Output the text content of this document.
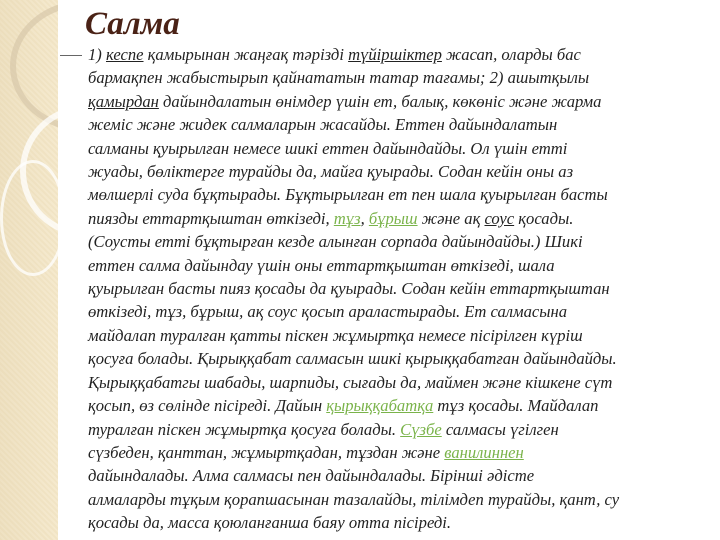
Салма
1) кеспе қамырынан жаңғақ тәрізді түйіршіктер жасап, оларды бас
бармақпен жабыстырып қайнататын татар тағамы; 2) ашытқылы
қамырдан дайындалатын өнімдер үшін ет, балық, көкөніс және жарма
жеміс және жидек салмаларын жасайды. Еттен дайындалатын
салманы қуырылған немесе шикі еттен дайындайды. Ол үшін етті
жуады, бөліктерге турайды да, майға қуырады. Содан кейін оны аз
мөлшерлі суда бұқтырады. Бұқтырылған ет пен шала қуырылған басты
пиязды еттартқыштан өткізеді, тұз, бұрыш және ақ соус қосады.
(Соусты етті бұқтырған кезде алынған сорпада дайындайды.) Шикі
еттен салма дайындау үшін оны еттартқыштан өткізеді, шала
қуырылған басты пияз қосады да қуырады. Содан кейін еттартқыштан
өткізеді, тұз, бұрыш, ақ соус қосып араластырады. Ет салмасына
майдалап туралған қатты піскен жұмыртқа немесе пісірілген күріш
қосуға болады. Қырыққабат салмасын шикі қырыққабатған дайындайды.
Қырыққабатгы шабады, шарпиды, сығады да, маймен және кішкене сүт
қосып, өз сөлінде пісіреді. Дайын қырыққабатқа тұз қосады. Майдалап
туралған піскен жұмыртқа қосуға болады. Сүзбе салмасы үгілген
сүзбеден, қанттан, жұмыртқадан, тұздан және ванилиннен
дайындалады. Алма салмасы пен дайындалады. Бірінші әдісте
алмаларды тұқым қорапшасынан тазалайды, тілімдеп турайды, қант, су
қосады да, масса қоюланғанша баяу отта пісіреді.
